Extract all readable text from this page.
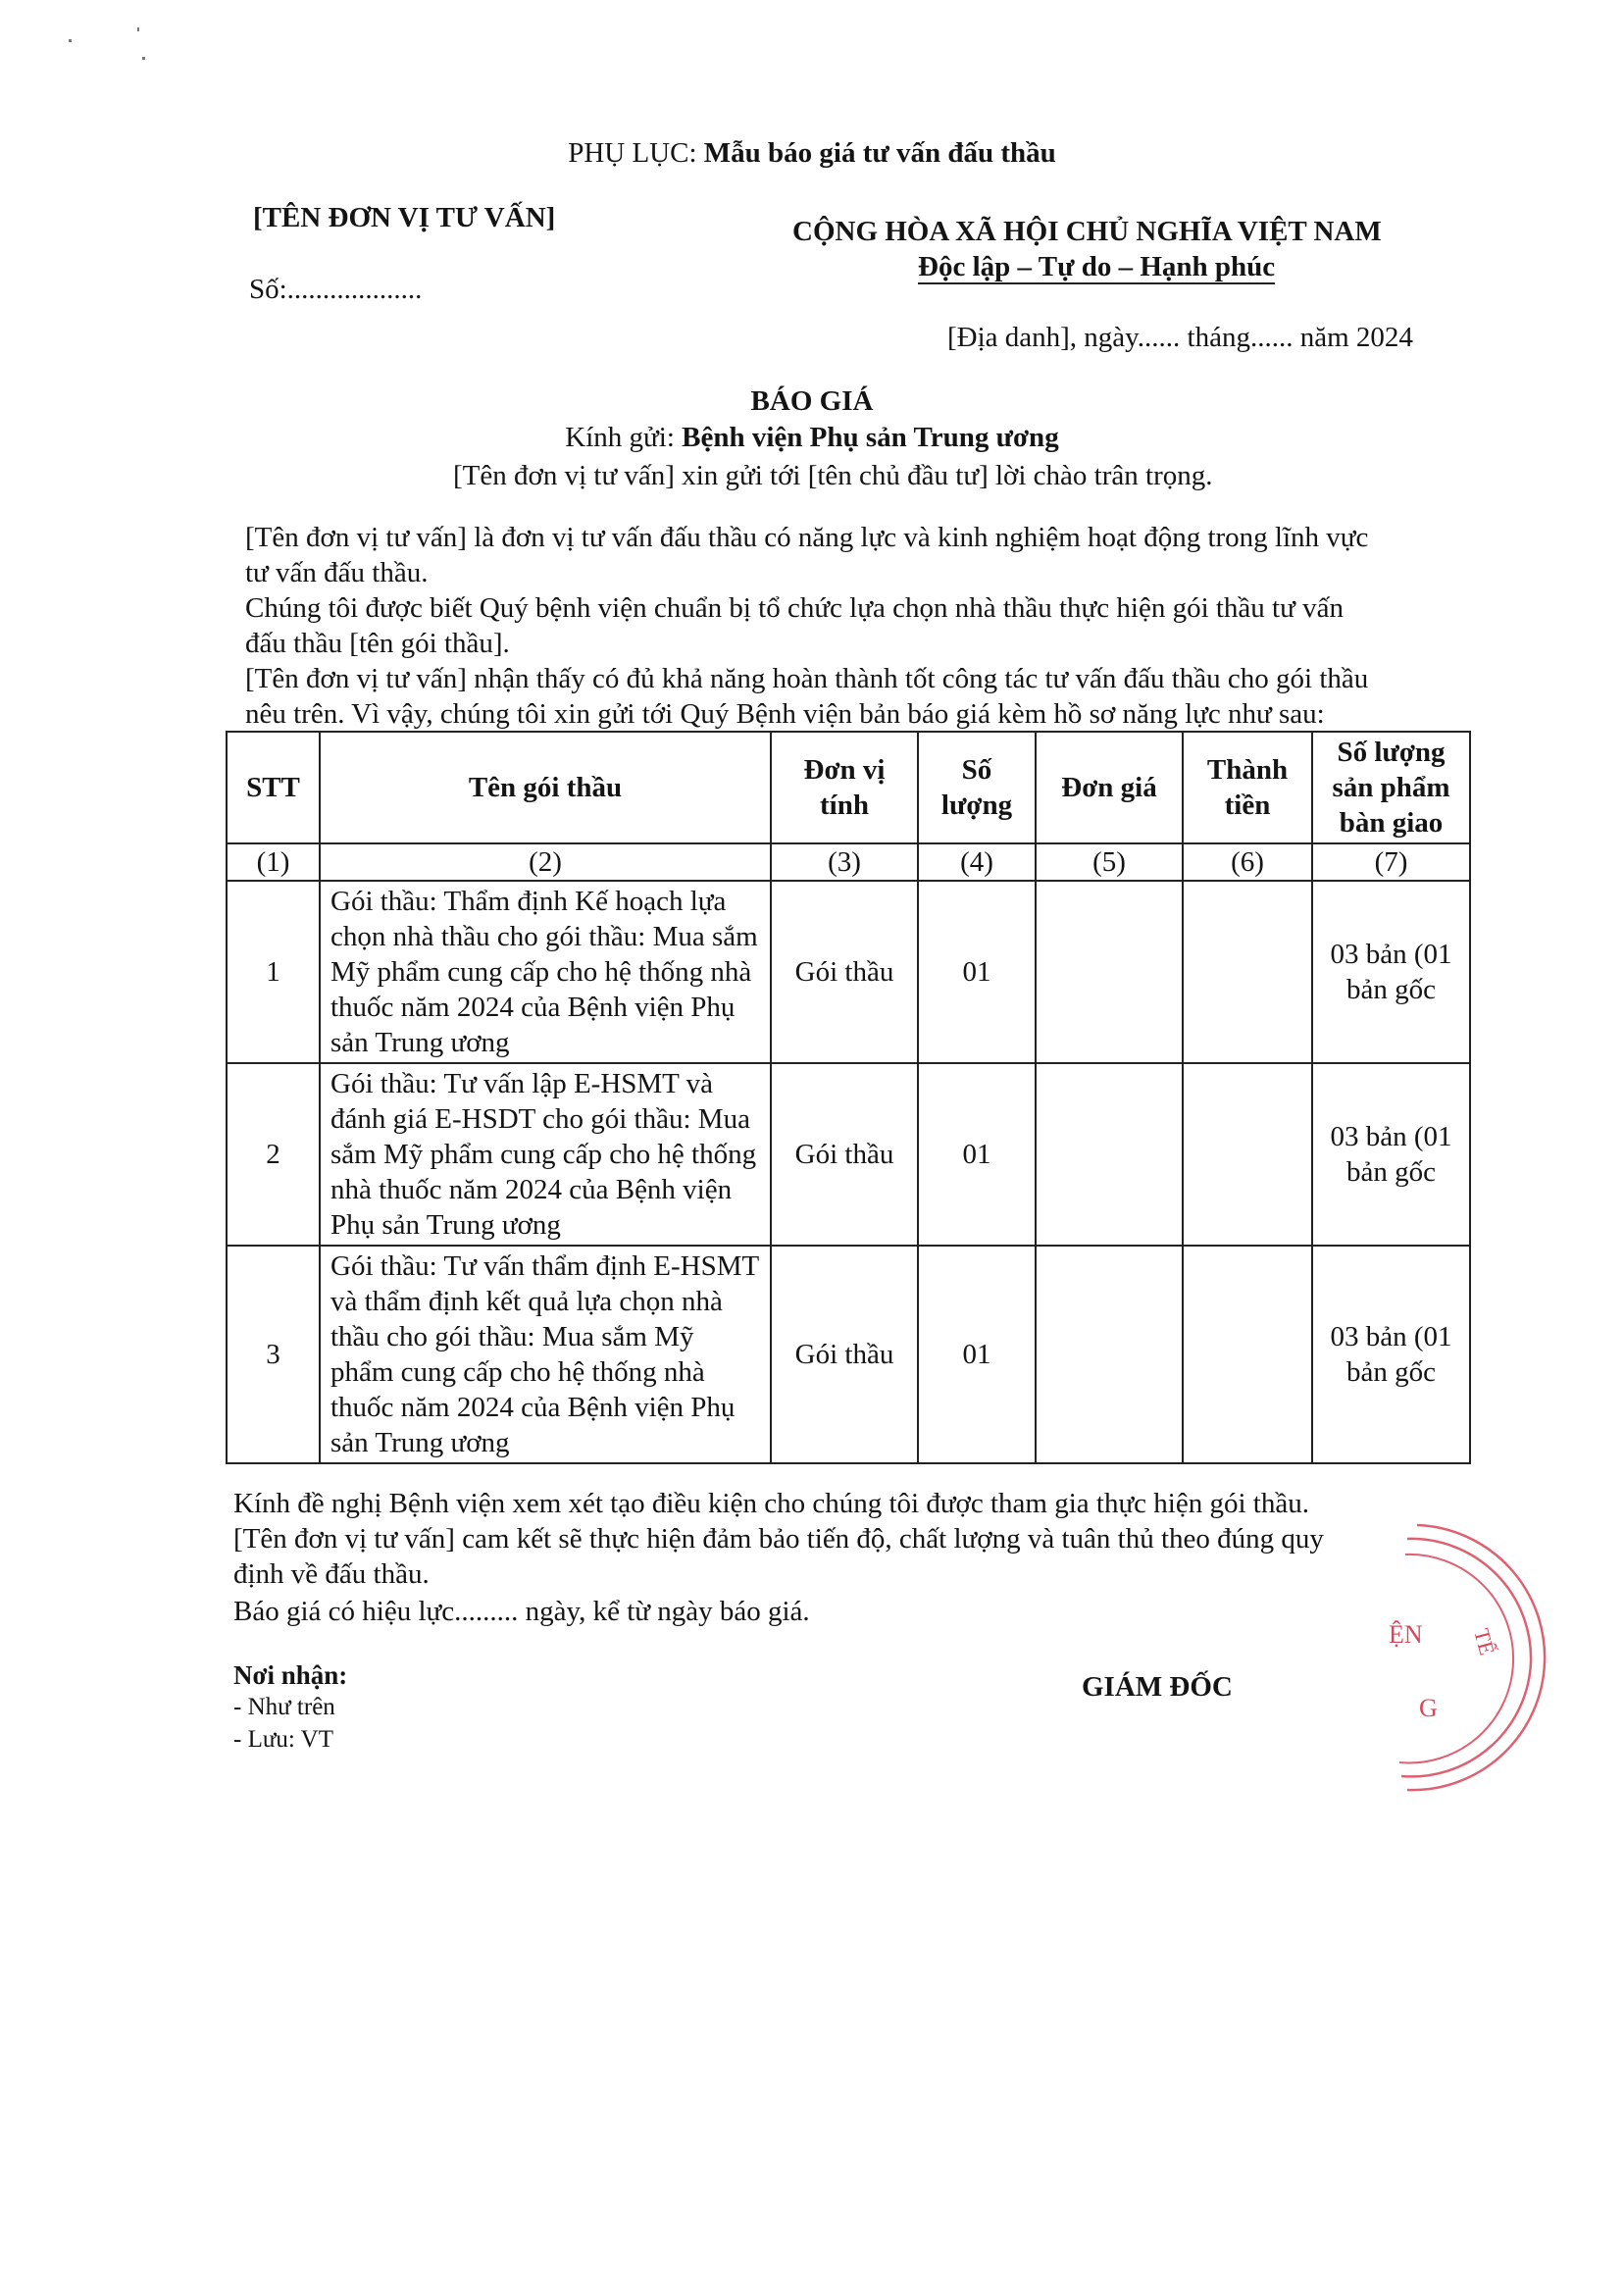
PHỤ LỤC: Mẫu báo giá tư vấn đấu thầu
[TÊN ĐƠN VỊ TƯ VẤN]
Số:...................
CỘNG HÒA XÃ HỘI CHỦ NGHĨA VIỆT NAM
Độc lập – Tự do – Hạnh phúc
[Địa danh], ngày...... tháng...... năm 2024
BÁO GIÁ
Kính gửi: Bệnh viện Phụ sản Trung ương
[Tên đơn vị tư vấn] xin gửi tới [tên chủ đầu tư] lời chào trân trọng.
[Tên đơn vị tư vấn] là đơn vị tư vấn đấu thầu có năng lực và kinh nghiệm hoạt động trong lĩnh vực
tư vấn đấu thầu.
Chúng tôi được biết Quý bệnh viện chuẩn bị tổ chức lựa chọn nhà thầu thực hiện gói thầu tư vấn
đấu thầu [tên gói thầu].
[Tên đơn vị tư vấn] nhận thấy có đủ khả năng hoàn thành tốt công tác tư vấn đấu thầu cho gói thầu
nêu trên. Vì vậy, chúng tôi xin gửi tới Quý Bệnh viện bản báo giá kèm hồ sơ năng lực như sau:
STT	Tên gói thầu	Đơn vị tính	Số lượng	Đơn giá	Thành tiền	Số lượng sản phẩm bàn giao
(1)	(2)	(3)	(4)	(5)	(6)	(7)
1	Gói thầu: Thẩm định Kế hoạch lựa chọn nhà thầu cho gói thầu: Mua sắm Mỹ phẩm cung cấp cho hệ thống nhà thuốc năm 2024 của Bệnh viện Phụ sản Trung ương	Gói thầu	01			03 bản (01 bản gốc
2	Gói thầu: Tư vấn lập E-HSMT và đánh giá E-HSDT cho gói thầu: Mua sắm Mỹ phẩm cung cấp cho hệ thống nhà thuốc năm 2024 của Bệnh viện Phụ sản Trung ương	Gói thầu	01			03 bản (01 bản gốc
3	Gói thầu: Tư vấn thẩm định E-HSMT và thẩm định kết quả lựa chọn nhà thầu cho gói thầu: Mua sắm Mỹ phẩm cung cấp cho hệ thống nhà thuốc năm 2024 của Bệnh viện Phụ sản Trung ương	Gói thầu	01			03 bản (01 bản gốc
Kính đề nghị Bệnh viện xem xét tạo điều kiện cho chúng tôi được tham gia thực hiện gói thầu.
[Tên đơn vị tư vấn] cam kết sẽ thực hiện đảm bảo tiến độ, chất lượng và tuân thủ theo đúng quy
định về đấu thầu.
Báo giá có hiệu lực......... ngày, kể từ ngày báo giá.
Nơi nhận:
- Như trên
- Lưu: VT
GIÁM ĐỐC
ỆN TẾ
G
